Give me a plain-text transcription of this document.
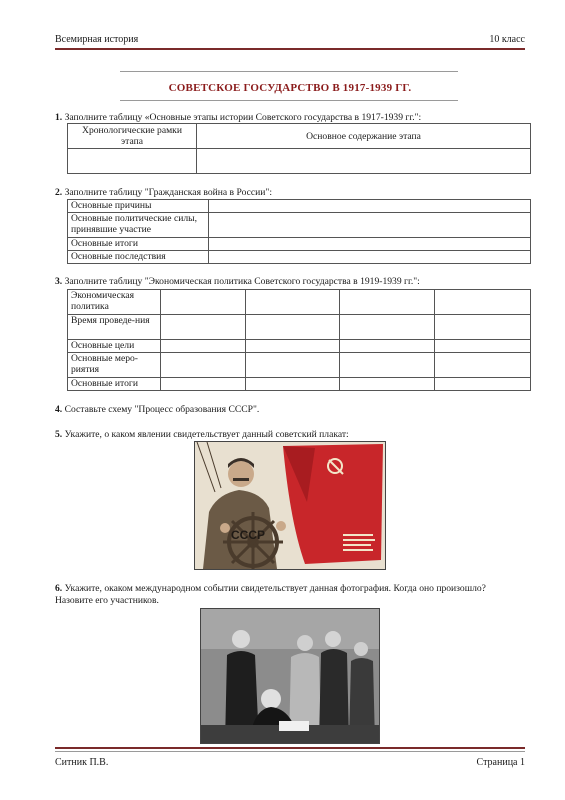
Всемирная история	10 класс
СОВЕТСКОЕ ГОСУДАРСТВО В 1917-1939 ГГ.
1. Заполните таблицу «Основные этапы истории Советского государства в 1917-1939 гг.":
Хронологические рамки этапа	Основное содержание этапа

2. Заполните таблицу "Гражданская война в России":
Основные причины	
Основные политические силы, принявшие участие	
Основные итоги	
Основные последствия	
3. Заполните таблицу "Экономическая политика Советского государства в 1919-1939 гг.":
Экономическая политика				
Время проведе-ния				
Основные цели				
Основные меро-риятия				
Основные итоги				
4. Составьте схему "Процесс образования СССР".
5. Укажите, о каком явлении свидетельствует данный советский плакат:
СССР
6. Укажите, окаком международном событии свидетельствует данная фотография. Когда оно произошло? Назовите его участников.
Ситник П.В.	Страница 1
